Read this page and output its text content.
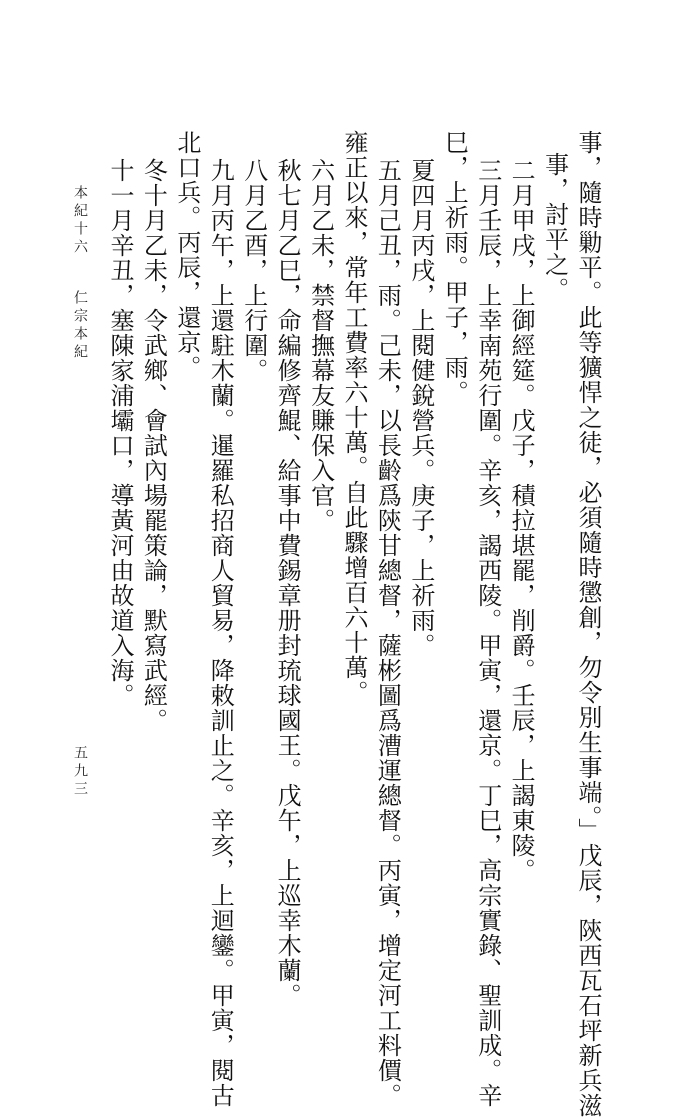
事，隨時勦平。此等獷悍之徒，必須隨時懲創，勿令別生事端。」戊辰，陝西瓦石坪新兵滋
事，討平之。
二月甲戌，上御經筵。戊子，積拉堪罷，削爵。壬辰，上謁東陵。
三月壬辰，上幸南苑行圍。辛亥，謁西陵。甲寅，還京。丁巳，高宗實錄、聖訓成。辛
巳，上祈雨。甲子，雨。
夏四月丙戌，上閱健銳營兵。庚子，上祈雨。
五月己丑，雨。己未，以長齡爲陝甘總督，薩彬圖爲漕運總督。丙寅，增定河工料價。
雍正以來，常年工費率六十萬。自此驟增百六十萬。
六月乙未，禁督撫幕友賺保入官。
秋七月乙巳，命編修齊鯤、給事中費錫章册封琉球國王。戊午，上巡幸木蘭。
八月乙酉，上行圍。
九月丙午，上還駐木蘭。暹羅私招商人貿易，降敕訓止之。辛亥，上迴鑾。甲寅，閱古
北口兵。丙辰，還京。
冬十月乙未，令武鄉、會試內場罷策論，默寫武經。
十一月辛丑，塞陳家浦壩口，導黃河由故道入海。
本紀十六
仁宗本紀
五九三
